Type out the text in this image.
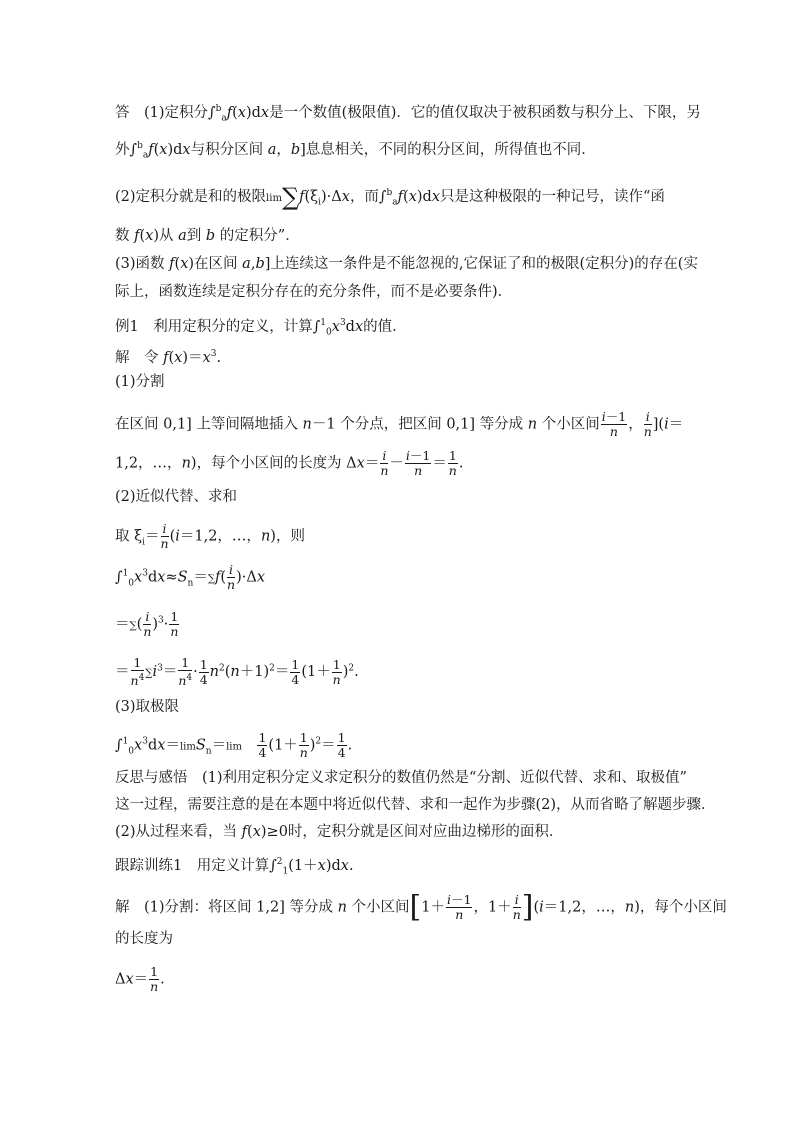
答　(1)定积分∫$^b_a$f(x)dx是一个数值(极限值)．它的值仅取决于被积函数与积分上、下限，另
外∫$^b_a$f(x)dx与积分区间 a，b]息息相关，不同的积分区间，所得值也不同．
(2)定积分就是和的极限$\lim\sum f(\xi_i)\cdot\Delta x$，而∫$^b_a$f(x)dx只是这种极限的一种记号，读作“函
数 f(x)从 a到 b 的定积分”．
(3)函数 f(x)在区间 a,b]上连续这一条件是不能忽视的,它保证了和的极限(定积分)的存在(实
际上，函数连续是定积分存在的充分条件，而不是必要条件)．
例1　利用定积分的定义，计算$\int^1_0x^3dx$的值．
解　令 $f(x)=x^3$.
(1)分割
在区间 0,1] 上等间隔地插入 n－1 个分点，把区间 0,1] 等分成 n 个小区间 $\frac{i-1}{n}$ ， $\frac{i}{n} ](i=$
1,2，…，n)，每个小区间的长度为 $\Delta x= \frac{i}{n} - \frac{i-1}{n} = \frac{1}{n}$ .
(2)近似代替、求和
取 $\xi_i= \frac{i}{n} (i=1,2$，…，n)，则
$\int^1_0x^3dx\approx S_n=\sum f( \frac{i}{n} )\cdot\Delta x$
＝∑( $\frac{i}{n} )^3\cdot \frac{1}{n}$
＝ $\frac{1}{n^4} \sum i^3= \frac{1}{n^4} \cdot \frac{1}{4} n^2(n+1)^2= \frac{1}{4} (1+ \frac{1}{n} )^2$.
(3)取极限
$\int^1_0x^3dx=\lim S_n=\lim$　 $\frac{1}{4} (1+ \frac{1}{n} )^2= \frac{1}{4}$ .
反思与感悟　(1)利用定积分定义求定积分的数值仍然是“分割、近似代替、求和、取极值”
这一过程，需要注意的是在本题中将近似代替、求和一起作为步骤(2)，从而省略了解题步骤．
(2)从过程来看，当 f(x)≥0时，定积分就是区间对应曲边梯形的面积．
跟踪训练1　用定义计算∫$^2_1$(1＋x)dx.
解　(1)分割：将区间 1,2] 等分成 n 个小区间[$1+ \frac{i-1}{n}$ ，$1+ \frac{i}{n} ](i=1,2$，…，n)，每个小区间
的长度为
$\Delta x= \frac{1}{n}$ .
